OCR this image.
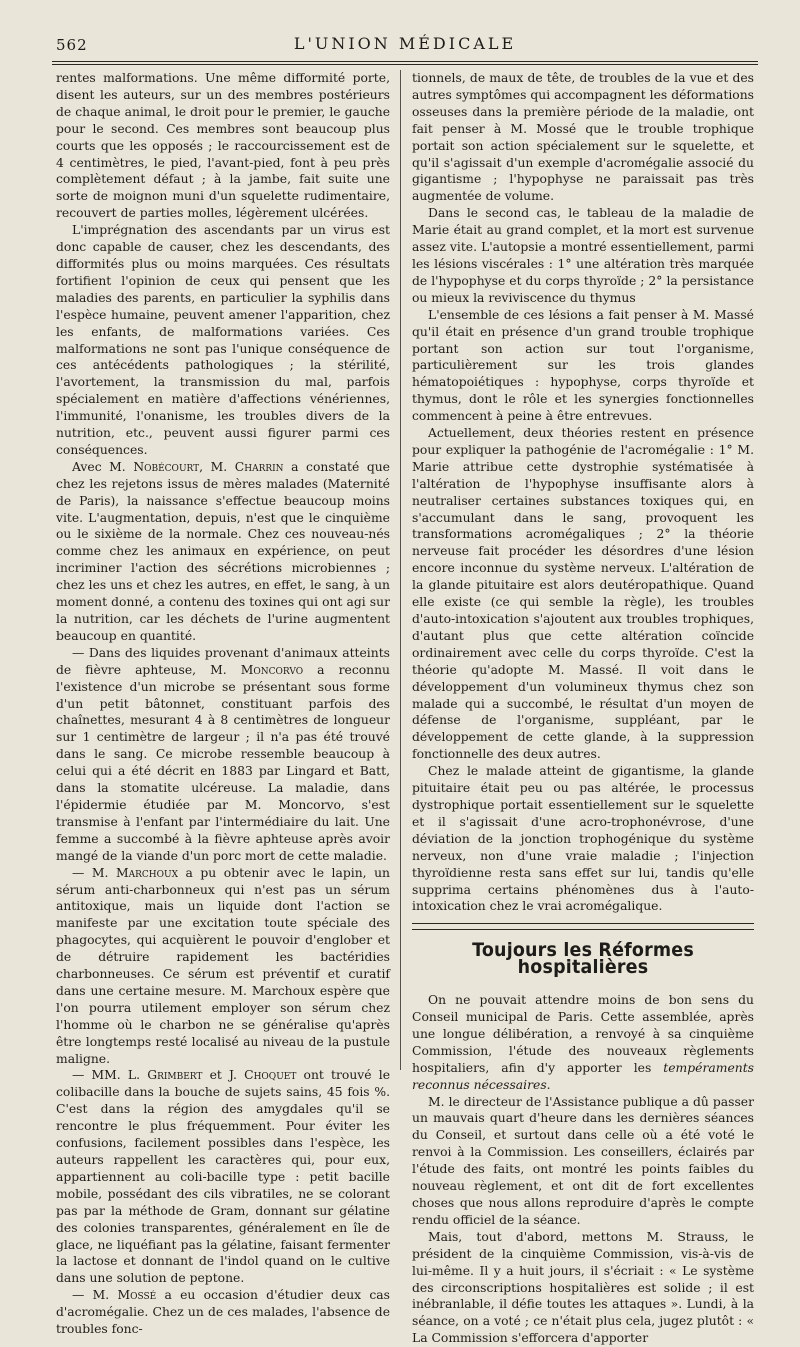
562	L'UNION MÉDICALE

rentes malformations. Une même difformité porte, disent les auteurs, sur un des membres postérieurs de chaque animal, le droit pour le premier, le gauche pour le second. Ces membres sont beaucoup plus courts que les opposés ; le raccourcissement est de 4 centimètres, le pied, l'avant-pied, font à peu près complètement défaut ; à la jambe, fait suite une sorte de moignon muni d'un squelette rudimentaire, recouvert de parties molles, légèrement ulcérées.

L'imprégnation des ascendants par un virus est donc capable de causer, chez les descendants, des difformités plus ou moins marquées. Ces résultats fortifient l'opinion de ceux qui pensent que les maladies des parents, en particulier la syphilis dans l'espèce humaine, peuvent amener l'apparition, chez les enfants, de malformations variées. Ces malformations ne sont pas l'unique conséquence de ces antécédents pathologiques ; la stérilité, l'avortement, la transmission du mal, parfois spécialement en matière d'affections vénériennes, l'immunité, l'onanisme, les troubles divers de la nutrition, etc., peuvent aussi figurer parmi ces conséquences.

Avec M. Nobécourt, M. Charrin a constaté que chez les rejetons issus de mères malades (Maternité de Paris), la naissance s'effectue beaucoup moins vite. L'augmentation, depuis, n'est que le cinquième ou le sixième de la normale. Chez ces nouveau-nés comme chez les animaux en expérience, on peut incriminer l'action des sécrétions microbiennes ; chez les uns et chez les autres, en effet, le sang, à un moment donné, a contenu des toxines qui ont agi sur la nutrition, car les déchets de l'urine augmentent beaucoup en quantité.

— Dans des liquides provenant d'animaux atteints de fièvre aphteuse, M. Moncorvo a reconnu l'existence d'un microbe se présentant sous forme d'un petit bâtonnet, constituant parfois des chaînettes, mesurant 4 à 8 centimètres de longueur sur 1 centimètre de largeur ; il n'a pas été trouvé dans le sang. Ce microbe ressemble beaucoup à celui qui a été décrit en 1883 par Lingard et Batt, dans la stomatite ulcéreuse. La maladie, dans l'épidermie étudiée par M. Moncorvo, s'est transmise à l'enfant par l'intermédiaire du lait. Une femme a succombé à la fièvre aphteuse après avoir mangé de la viande d'un porc mort de cette maladie.

— M. Marchoux a pu obtenir avec le lapin, un sérum anti-charbonneux qui n'est pas un sérum antitoxique, mais un liquide dont l'action se manifeste par une excitation toute spéciale des phagocytes, qui acquièrent le pouvoir d'englober et de détruire rapidement les bactéridies charbonneuses. Ce sérum est préventif et curatif dans une certaine mesure. M. Marchoux espère que l'on pourra utilement employer son sérum chez l'homme où le charbon ne se généralise qu'après être longtemps resté localisé au niveau de la pustule maligne.

— MM. L. Grimbert et J. Choquet ont trouvé le colibacille dans la bouche de sujets sains, 45 fois %. C'est dans la région des amygdales qu'il se rencontre le plus fréquemment. Pour éviter les confusions, facilement possibles dans l'espèce, les auteurs rappellent les caractères qui, pour eux, appartiennent au coli-bacille type : petit bacille mobile, possédant des cils vibratiles, ne se colorant pas par la méthode de Gram, donnant sur gélatine des colonies transparentes, généralement en île de glace, ne liquéfiant pas la gélatine, faisant fermenter la lactose et donnant de l'indol quand on le cultive dans une solution de peptone.

— M. Mossé a eu occasion d'étudier deux cas d'acromégalie. Chez un de ces malades, l'absence de troubles fonc-

tionnels, de maux de tête, de troubles de la vue et des autres symptômes qui accompagnent les déformations osseuses dans la première période de la maladie, ont fait penser à M. Mossé que le trouble trophique portait son action spécialement sur le squelette, et qu'il s'agissait d'un exemple d'acromégalie associé du gigantisme ; l'hypophyse ne paraissait pas très augmentée de volume.

Dans le second cas, le tableau de la maladie de Marie était au grand complet, et la mort est survenue assez vite. L'autopsie a montré essentiellement, parmi les lésions viscérales : 1° une altération très marquée de l'hypophyse et du corps thyroïde ; 2° la persistance ou mieux la reviviscence du thymus

L'ensemble de ces lésions a fait penser à M. Massé qu'il était en présence d'un grand trouble trophique portant son action sur tout l'organisme, particulièrement sur les trois glandes hématopoiétiques : hypophyse, corps thyroïde et thymus, dont le rôle et les synergies fonctionnelles commencent à peine à être entrevues.

Actuellement, deux théories restent en présence pour expliquer la pathogénie de l'acromégalie : 1° M. Marie attribue cette dystrophie systématisée à l'altération de l'hypophyse insuffisante alors à neutraliser certaines substances toxiques qui, en s'accumulant dans le sang, provoquent les transformations acromégaliques ; 2° la théorie nerveuse fait procéder les désordres d'une lésion encore inconnue du système nerveux. L'altération de la glande pituitaire est alors deutéropathique. Quand elle existe (ce qui semble la règle), les troubles d'auto-intoxication s'ajoutent aux troubles trophiques, d'autant plus que cette altération coïncide ordinairement avec celle du corps thyroïde. C'est la théorie qu'adopte M. Massé. Il voit dans le développement d'un volumineux thymus chez son malade qui a succombé, le résultat d'un moyen de défense de l'organisme, suppléant, par le développement de cette glande, à la suppression fonctionnelle des deux autres.

Chez le malade atteint de gigantisme, la glande pituitaire était peu ou pas altérée, le processus dystrophique portait essentiellement sur le squelette et il s'agissait d'une acro-trophonévrose, d'une déviation de la jonction trophogénique du système nerveux, non d'une vraie maladie ; l'injection thyroïdienne resta sans effet sur lui, tandis qu'elle supprima certains phénomènes dus à l'auto-intoxication chez le vrai acromégalique.

Toujours les Réformes hospitalières

On ne pouvait attendre moins de bon sens du Conseil municipal de Paris. Cette assemblée, après une longue délibération, a renvoyé à sa cinquième Commission, l'étude des nouveaux règlements hospitaliers, afin d'y apporter les tempéraments reconnus nécessaires.

M. le directeur de l'Assistance publique a dû passer un mauvais quart d'heure dans les dernières séances du Conseil, et surtout dans celle où a été voté le renvoi à la Commission. Les conseillers, éclairés par l'étude des faits, ont montré les points faibles du nouveau règlement, et ont dit de fort excellentes choses que nous allons reproduire d'après le compte rendu officiel de la séance.

Mais, tout d'abord, mettons M. Strauss, le président de la cinquième Commission, vis-à-vis de lui-même. Il y a huit jours, il s'écriait : « Le système des circonscriptions hospitalières est solide ; il est inébranlable, il défie toutes les attaques ». Lundi, à la séance, on a voté ; ce n'était plus cela, jugez plutôt : « La Commission s'efforcera d'apporter
